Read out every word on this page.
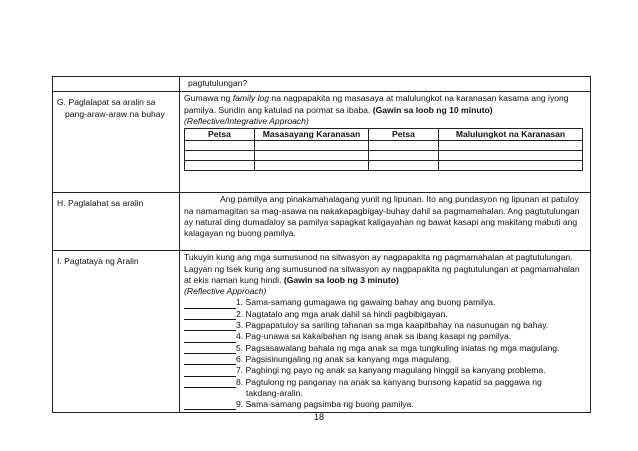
	pagtutulungan?
G. Paglalapat sa aralin sa

pang-araw-araw na buhay
	Gumawa ng family log na nagpapakita ng masasaya at malulungkot na karanasan kasama ang iyong pamilya. Sundin ang katulad na pormat sa ibaba. (Gawin sa loob ng 10 minuto)
(Reflective/Integrative Approach)
Petsa	Masasayang Karanasan	Petsa	Malulungkot na Karanasan

H. Paglalahat sa aralin	Ang pamilya ang pinakamahalagang yunit ng lipunan. Ito ang pundasyon ng lipunan at patuloy na namamagitan sa mag-asawa na nakakapagbigay-buhay dahil sa pagmamahalan. Ang pagtutulungan ay natural ding dumadaloy sa pamilya sapagkat kaligayahan ng bawat kasapi ang makitang mabuti ang kalagayan ng buong pamilya.

I. Pagtataya ng Aralin	Tukuyin kung ang mga sumusunod na sitwasyon ay nagpapakita ng pagmamahalan at pagtutulungan. Lagyan ng tsek kung ang sumusunod na sitwasyon ay nagpapakita ng pagtutulungan at pagmamahalan at ekis naman kung hindi. (Gawin sa loob ng 3 minuto)
(Reflective Approach)
1. Sama-samang gumagawa ng gawaing bahay ang buong pamilya.
2. Nagtatalo ang mga anak dahil sa hindi pagbibigayan.
3. Pagpapatuloy sa sariling tahanan sa mga kaapitbahay na nasunugan ng bahay.
4. Pag-unawa sa kakaibahan ng isang anak sa ibang kasapi ng pamilya.
5. Pagsasawalang bahala ng mga anak sa mga tungkuling iniatas ng mga magulang.
6. Pagsisinungaling ng anak sa kanyang mga magulang.
7. Paghingi ng payo ng anak sa kanyang magulang hinggil sa kanyang problema.
8. Pagtulong ng panganay na anak sa kanyang bunsong kapatid sa paggawa ng
takdang-aralin.
9. Sama-samang pagsimba ng buong pamilya.
18
